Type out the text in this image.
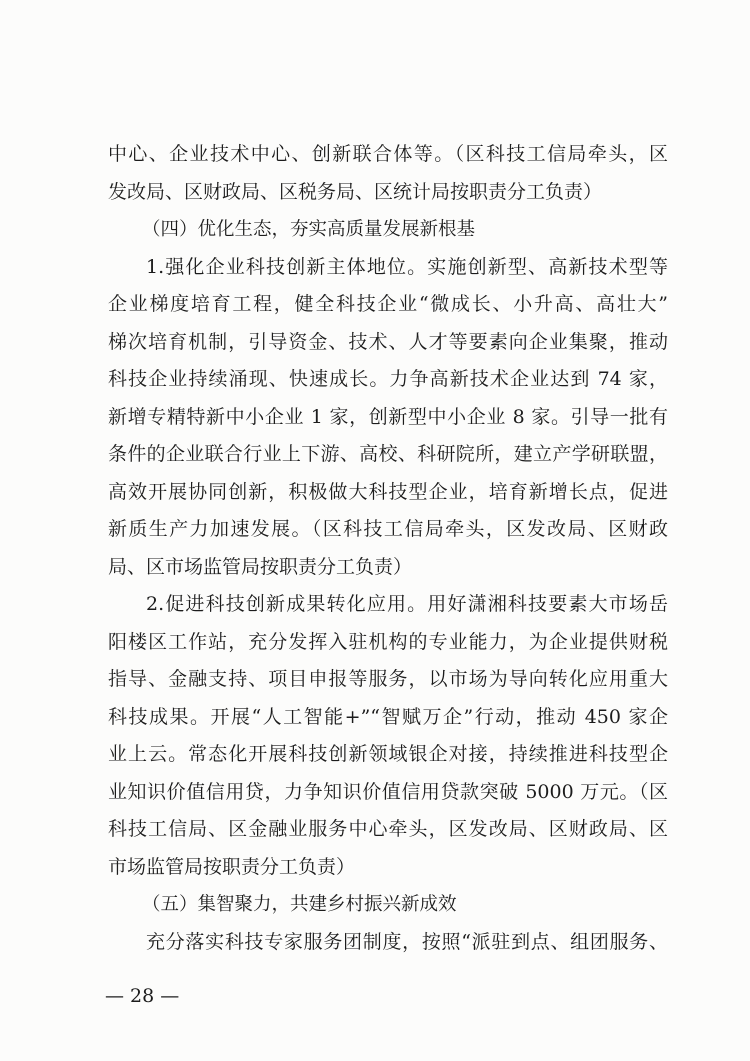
中心、企业技术中心、创新联合体等。（区科技工信局牵头，区
发改局、区财政局、区税务局、区统计局按职责分工负责）
（四）优化生态，夯实高质量发展新根基
1.强化企业科技创新主体地位。实施创新型、高新技术型等
企业梯度培育工程，健全科技企业“微成长、小升高、高壮大”
梯次培育机制，引导资金、技术、人才等要素向企业集聚，推动
科技企业持续涌现、快速成长。力争高新技术企业达到 74 家，
新增专精特新中小企业 1 家，创新型中小企业 8 家。引导一批有
条件的企业联合行业上下游、高校、科研院所，建立产学研联盟，
高效开展协同创新，积极做大科技型企业，培育新增长点，促进
新质生产力加速发展。（区科技工信局牵头，区发改局、区财政
局、区市场监管局按职责分工负责）
2.促进科技创新成果转化应用。用好潇湘科技要素大市场岳
阳楼区工作站，充分发挥入驻机构的专业能力，为企业提供财税
指导、金融支持、项目申报等服务，以市场为导向转化应用重大
科技成果。开展“人工智能+”“智赋万企”行动，推动 450 家企
业上云。常态化开展科技创新领域银企对接，持续推进科技型企
业知识价值信用贷，力争知识价值信用贷款突破 5000 万元。（区
科技工信局、区金融业服务中心牵头，区发改局、区财政局、区
市场监管局按职责分工负责）
（五）集智聚力，共建乡村振兴新成效
充分落实科技专家服务团制度，按照“派驻到点、组团服务、
— 28 —
